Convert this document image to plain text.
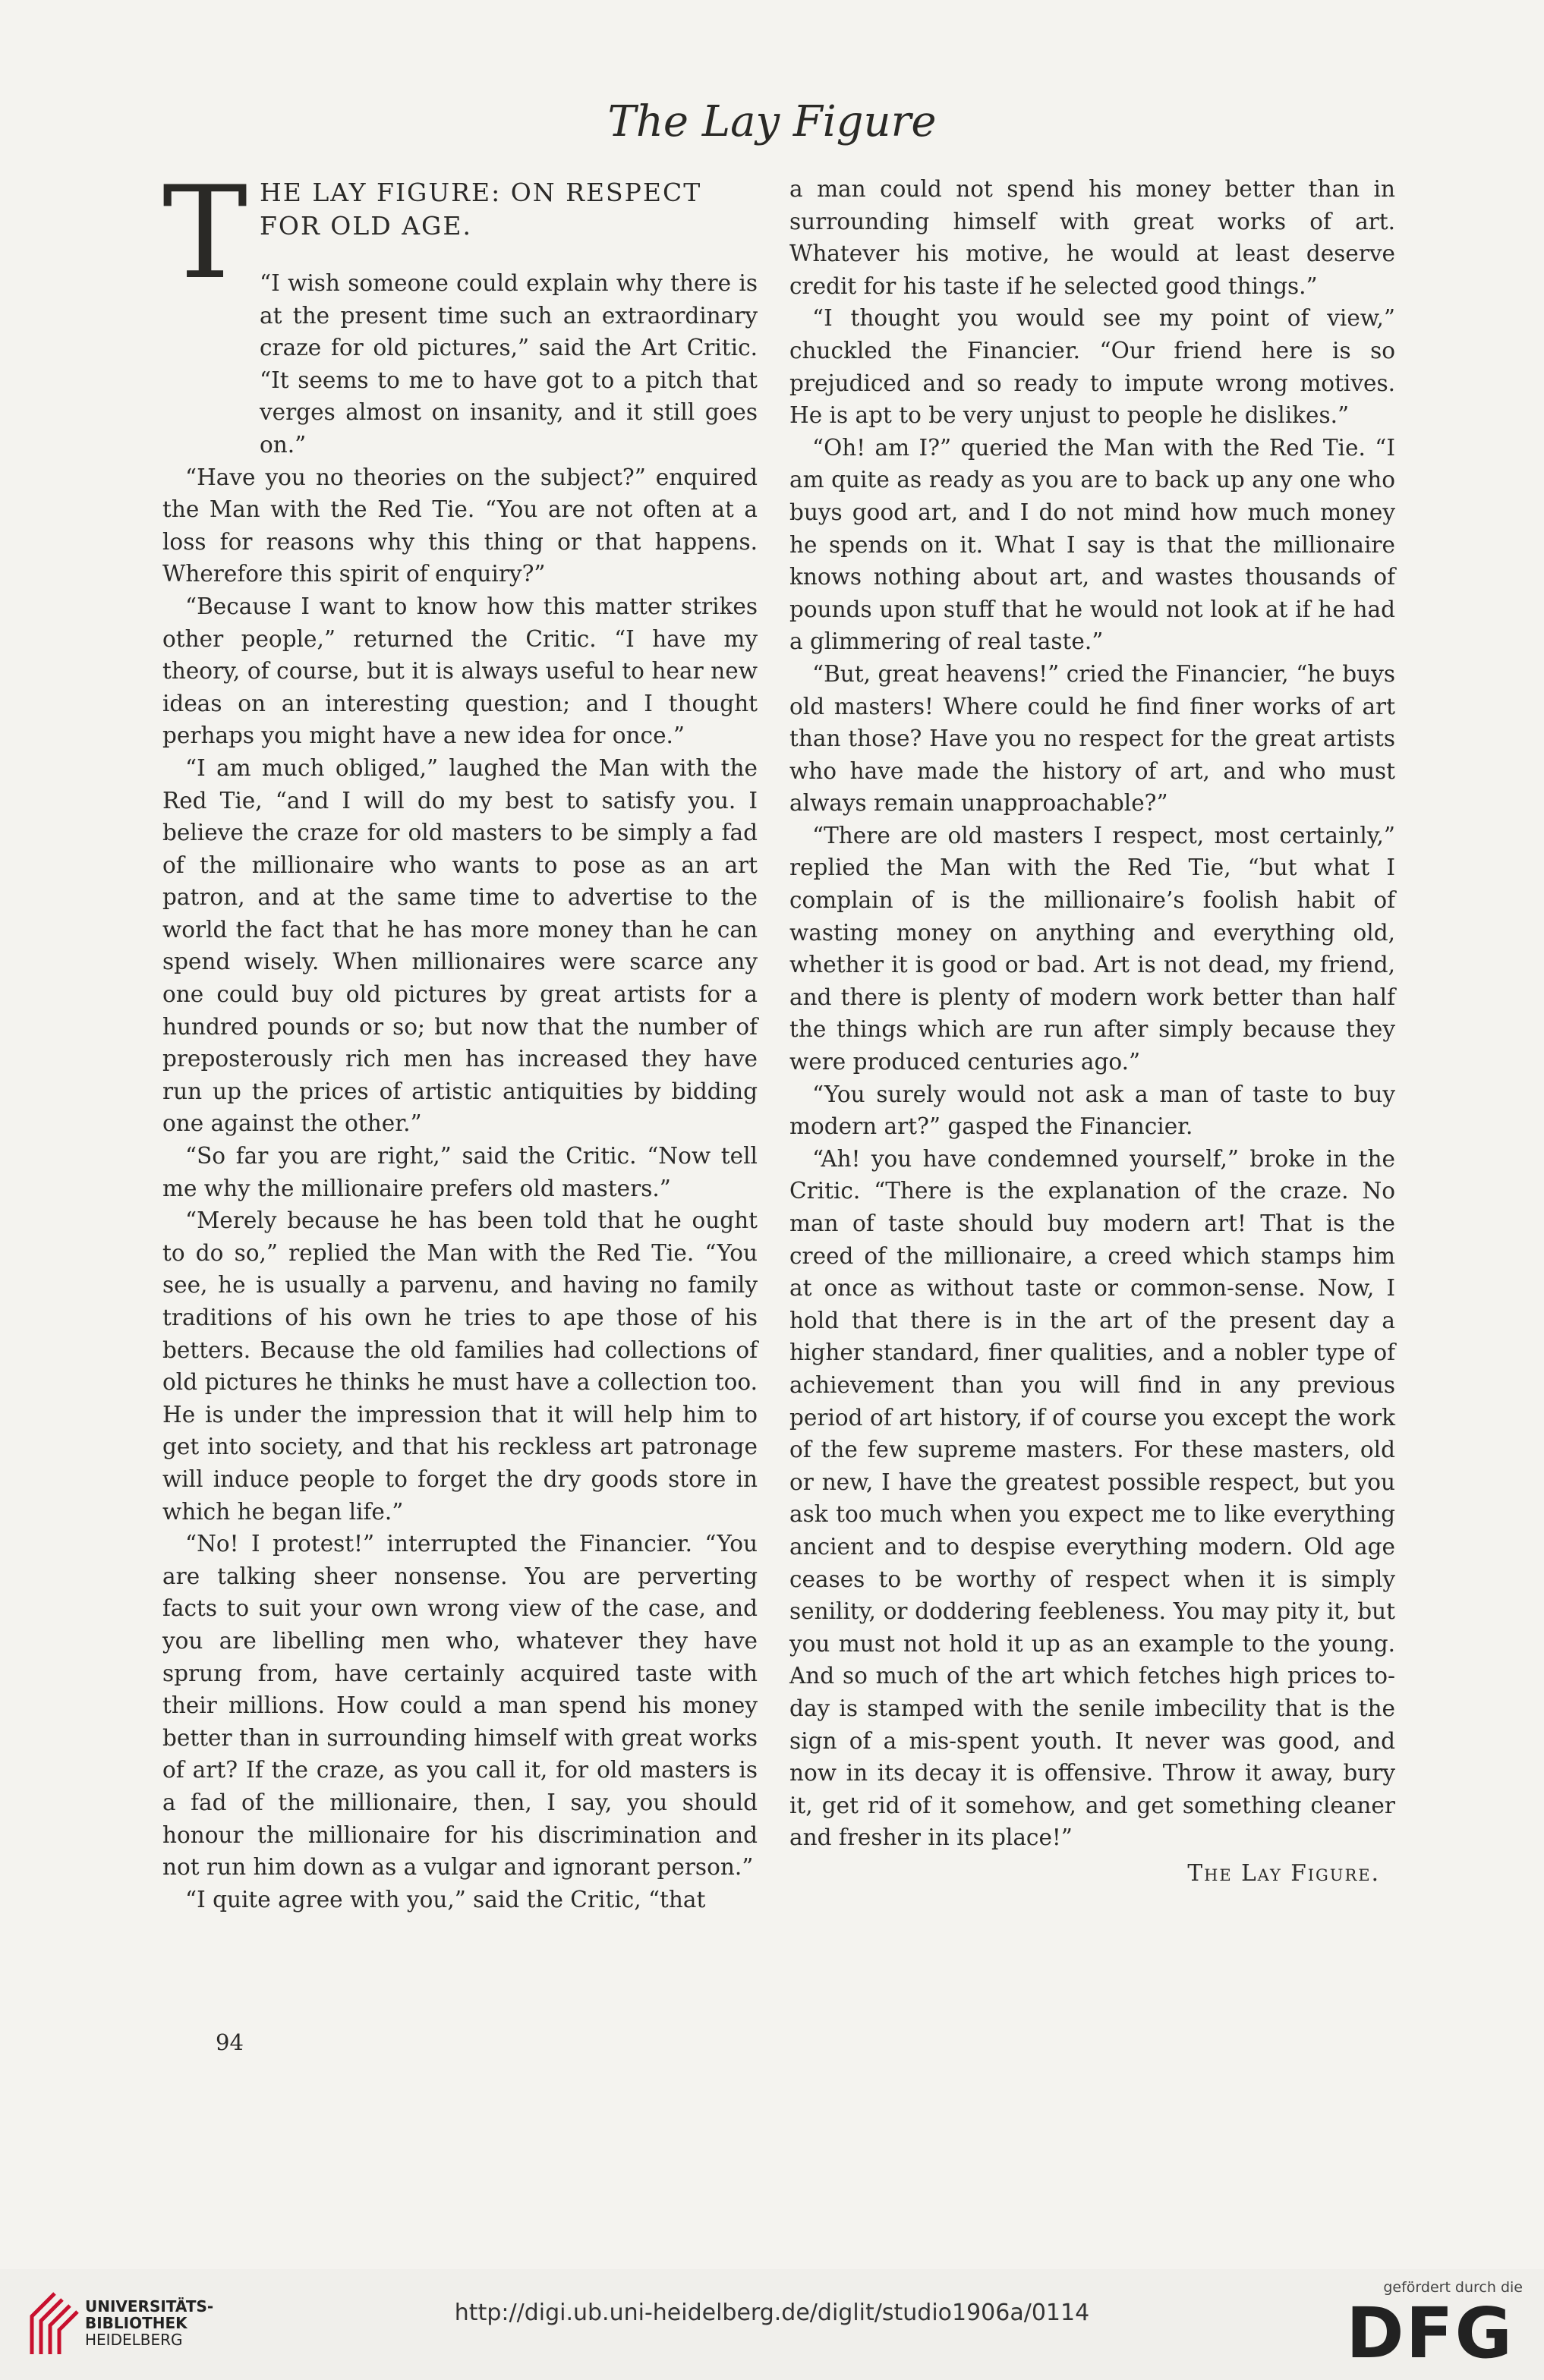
The Lay Figure
T HE LAY FIGURE: ON RESPECT FOR OLD AGE.

“I wish someone could explain why there is at the present time such an extraordinary craze for old pictures,” said the Art Critic. “It seems to me to have got to a pitch that verges almost on insanity, and it still goes on.”

“Have you no theories on the subject?” enquired the Man with the Red Tie. “You are not often at a loss for reasons why this thing or that happens. Wherefore this spirit of enquiry?”

“Because I want to know how this matter strikes other people,” returned the Critic. “I have my theory, of course, but it is always useful to hear new ideas on an interesting question; and I thought perhaps you might have a new idea for once.”

“I am much obliged,” laughed the Man with the Red Tie, “and I will do my best to satisfy you. I believe the craze for old masters to be simply a fad of the millionaire who wants to pose as an art patron, and at the same time to advertise to the world the fact that he has more money than he can spend wisely. When millionaires were scarce any one could buy old pictures by great artists for a hundred pounds or so; but now that the number of preposterously rich men has increased they have run up the prices of artistic antiquities by bidding one against the other.”

“So far you are right,” said the Critic. “Now tell me why the millionaire prefers old masters.”

“Merely because he has been told that he ought to do so,” replied the Man with the Red Tie. “You see, he is usually a parvenu, and having no family traditions of his own he tries to ape those of his betters. Because the old families had collections of old pictures he thinks he must have a collection too. He is under the impression that it will help him to get into society, and that his reckless art patronage will induce people to forget the dry goods store in which he began life.”

“No! I protest!” interrupted the Financier. “You are talking sheer nonsense. You are perverting facts to suit your own wrong view of the case, and you are libelling men who, whatever they have sprung from, have certainly acquired taste with their millions. How could a man spend his money better than in surrounding himself with great works of art? If the craze, as you call it, for old masters is a fad of the millionaire, then, I say, you should honour the millionaire for his discrimination and not run him down as a vulgar and ignorant person.”

“I quite agree with you,” said the Critic, “that

a man could not spend his money better than in surrounding himself with great works of art. Whatever his motive, he would at least deserve credit for his taste if he selected good things.”

“I thought you would see my point of view,” chuckled the Financier. “Our friend here is so prejudiced and so ready to impute wrong motives. He is apt to be very unjust to people he dislikes.”

“Oh! am I?” queried the Man with the Red Tie. “I am quite as ready as you are to back up any one who buys good art, and I do not mind how much money he spends on it. What I say is that the millionaire knows nothing about art, and wastes thousands of pounds upon stuff that he would not look at if he had a glimmering of real taste.”

“But, great heavens!” cried the Financier, “he buys old masters! Where could he find finer works of art than those? Have you no respect for the great artists who have made the history of art, and who must always remain unapproachable?”

“There are old masters I respect, most certainly,” replied the Man with the Red Tie, “but what I complain of is the millionaire’s foolish habit of wasting money on anything and everything old, whether it is good or bad. Art is not dead, my friend, and there is plenty of modern work better than half the things which are run after simply because they were produced centuries ago.”

“You surely would not ask a man of taste to buy modern art?” gasped the Financier.

“Ah! you have condemned yourself,” broke in the Critic. “There is the explanation of the craze. No man of taste should buy modern art! That is the creed of the millionaire, a creed which stamps him at once as without taste or common-sense. Now, I hold that there is in the art of the present day a higher standard, finer qualities, and a nobler type of achievement than you will find in any previous period of art history, if of course you except the work of the few supreme masters. For these masters, old or new, I have the greatest possible respect, but you ask too much when you expect me to like everything ancient and to despise everything modern. Old age ceases to be worthy of respect when it is simply senility, or doddering feebleness. You may pity it, but you must not hold it up as an example to the young. And so much of the art which fetches high prices to-day is stamped with the senile imbecility that is the sign of a mis-spent youth. It never was good, and now in its decay it is offensive. Throw it away, bury it, get rid of it somehow, and get something cleaner and fresher in its place!”

The Lay Figure.
94
UNIVERSITÄTS-
BIBLIOTHEK
HEIDELBERG
http://digi.ub.uni-heidelberg.de/diglit/studio1906a/0114
gefördert durch die
DFG
